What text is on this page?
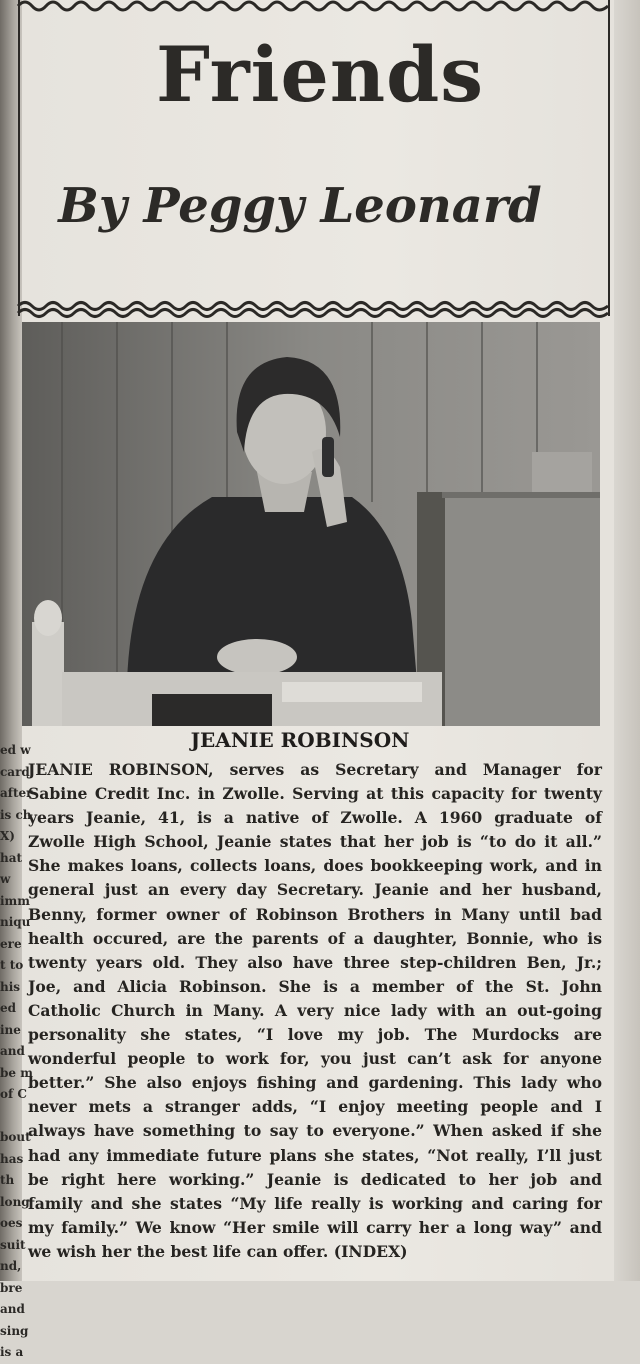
Friends
By Peggy Leonard
JEANIE ROBINSON
JEANIE ROBINSON, serves as Secretary and Manager for
Sabine Credit Inc. in Zwolle. Serving at this capacity for twenty
years Jeanie, 41, is a native of Zwolle. A 1960 graduate of
Zwolle High School, Jeanie states that her job is “to do it all.”
She makes loans, collects loans, does bookkeeping work, and in
general just an every day Secretary. Jeanie and her husband,
Benny, former owner of Robinson Brothers in Many until bad
health occured, are the parents of a daughter, Bonnie, who is
twenty years old. They also have three step-children Ben, Jr.;
Joe, and Alicia Robinson. She is a member of the St. John
Catholic Church in Many. A very nice lady with an out-going
personality she states, “I love my job. The Murdocks are
wonderful people to work for, you just can’t ask for anyone
better.” She also enjoys fishing and gardening. This lady who
never mets a stranger adds, “I enjoy meeting people and I
always have something to say to everyone.” When asked if she
had any immediate future plans she states, “Not really, I’ll just
be right here working.” Jeanie is dedicated to her job and
family and she states “My life really is working and caring for
my family.” We know “Her smile will carry her a long way” and
we wish her the best life can offer. (INDEX)
ed w
card
after
is ch
X)
hat
w
imm
niqu
ere
t to
his
ed
ine
and
be m
of C

bout
has
th
long
oes
suit
nd,
bre
and
sing
is a
